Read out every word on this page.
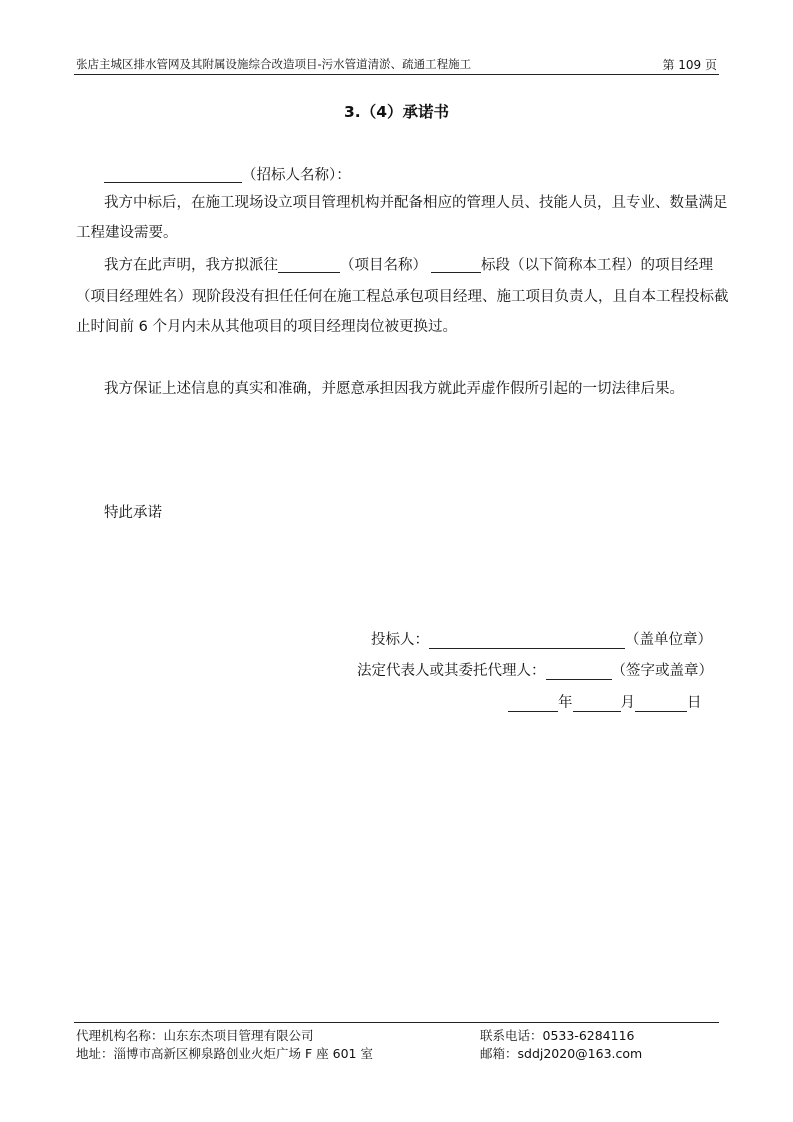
张店主城区排水管网及其附属设施综合改造项目-污水管道清淤、疏通工程施工	第 109 页
3.（4）承诺书
（招标人名称）：
我方中标后，在施工现场设立项目管理机构并配备相应的管理人员、技能人员，且专业、数量满足
工程建设需要。
我方在此声明，我方拟派往	（项目名称）	标段（以下简称本工程）的项目经理
（项目经理姓名）现阶段没有担任任何在施工程总承包项目经理、施工项目负责人，且自本工程投标截
止时间前 6 个月内未从其他项目的项目经理岗位被更换过。
我方保证上述信息的真实和准确，并愿意承担因我方就此弄虚作假所引起的一切法律后果。
特此承诺
投标人：	（盖单位章）
法定代表人或其委托代理人：	（签字或盖章）
年	月	日
代理机构名称：山东东杰项目管理有限公司	联系电话：0533-6284116
地址：淄博市高新区柳泉路创业火炬广场 F 座 601 室	邮箱：sddj2020@163.com
